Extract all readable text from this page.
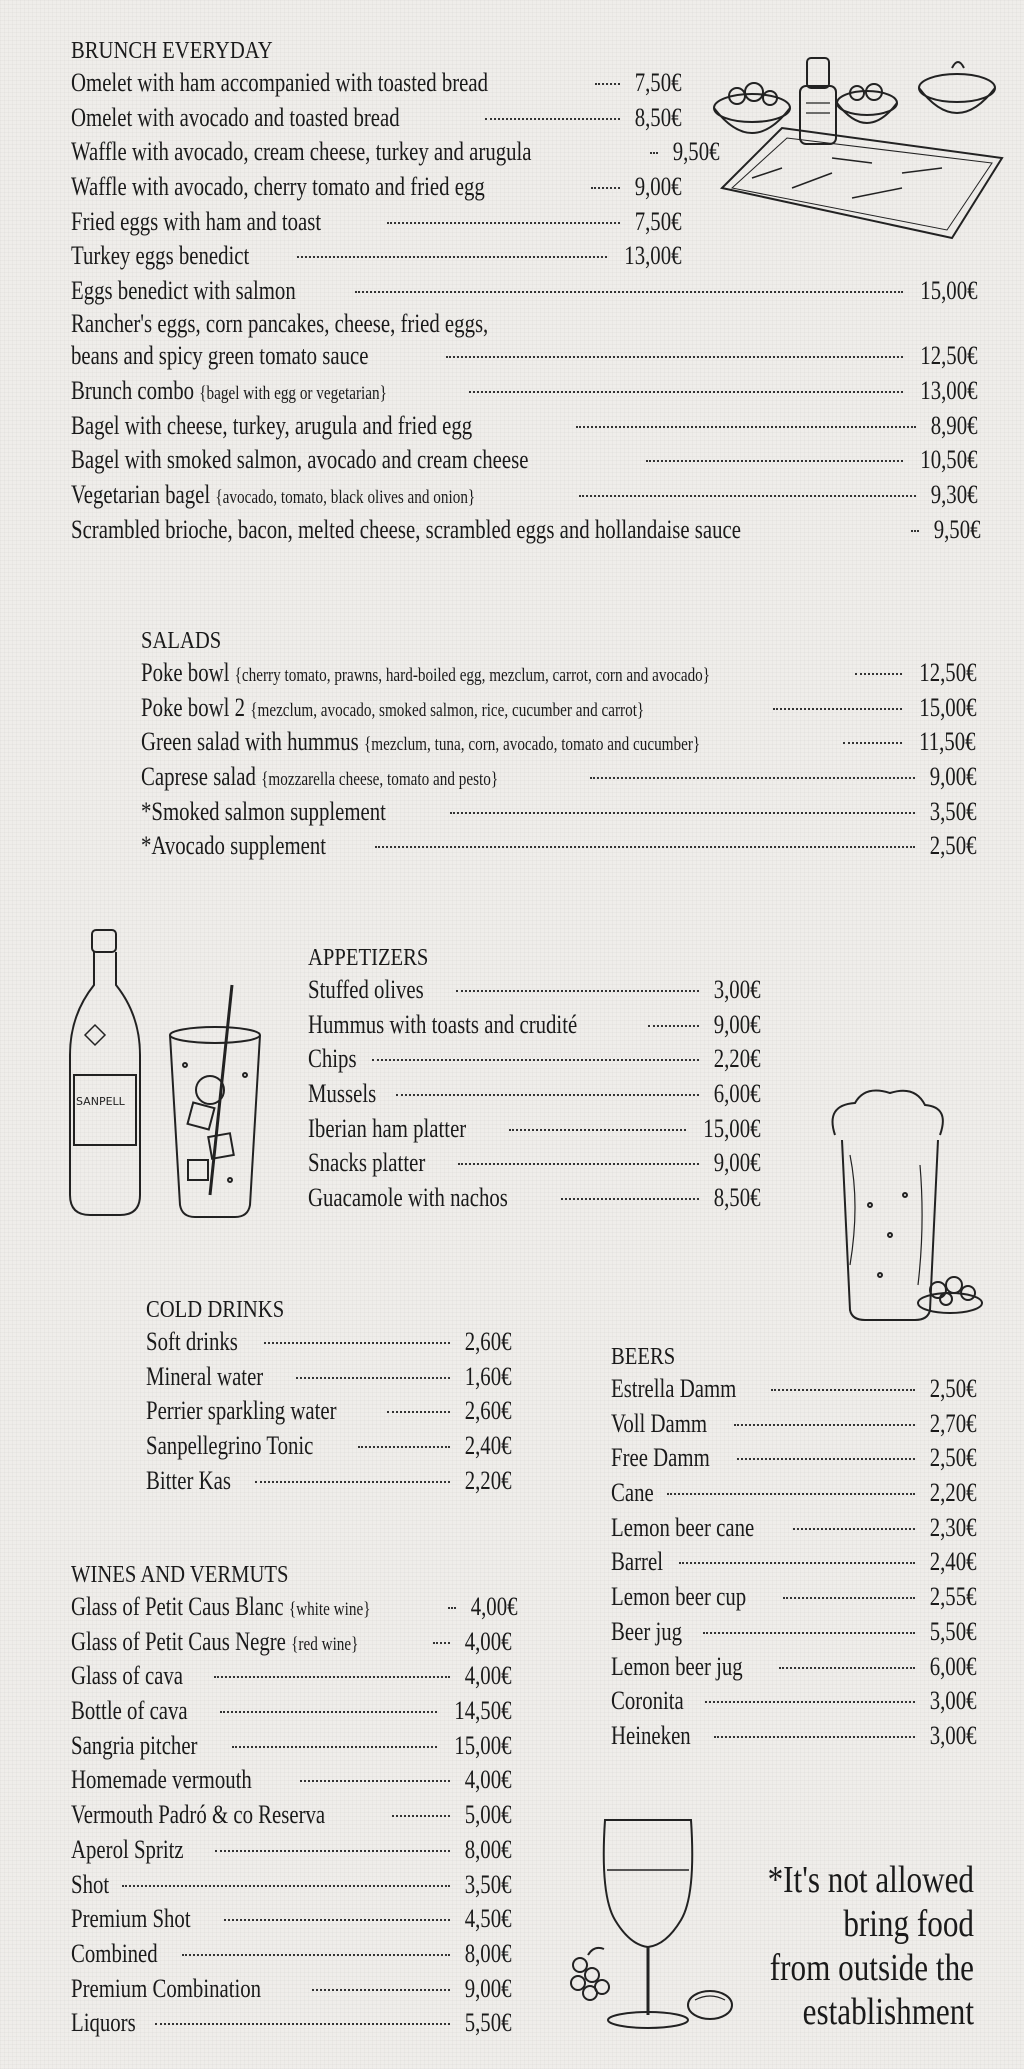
BRUNCH EVERYDAY
Omelet with ham accompanied with toasted bread	7,50€
Omelet with avocado and toasted bread	8,50€
Waffle with avocado, cream cheese, turkey and arugula	9,50€
Waffle with avocado, cherry tomato and fried egg	9,00€
Fried eggs with ham and toast	7,50€
Turkey eggs benedict	13,00€
Eggs benedict with salmon	15,00€
Rancher's eggs, corn pancakes, cheese, fried eggs,
beans and spicy green tomato sauce	12,50€
Brunch combo {bagel with egg or vegetarian}	13,00€
Bagel with cheese, turkey, arugula and fried egg	8,90€
Bagel with smoked salmon, avocado and cream cheese	10,50€
Vegetarian bagel {avocado, tomato, black olives and onion}	9,30€
Scrambled brioche, bacon, melted cheese, scrambled eggs and hollandaise sauce	9,50€
SALADS
Poke bowl {cherry tomato, prawns, hard-boiled egg, mezclum, carrot, corn and avocado}	12,50€
Poke bowl 2 {mezclum, avocado, smoked salmon, rice, cucumber and carrot}	15,00€
Green salad with hummus {mezclum, tuna, corn, avocado, tomato and cucumber}	11,50€
Caprese salad {mozzarella cheese, tomato and pesto}	9,00€
*Smoked salmon supplement	3,50€
*Avocado supplement	2,50€
SANPELL
APPETIZERS
Stuffed olives	3,00€
Hummus with toasts and crudité	9,00€
Chips	2,20€
Mussels	6,00€
Iberian ham platter	15,00€
Snacks platter	9,00€
Guacamole with nachos	8,50€
COLD DRINKS
Soft drinks	2,60€
Mineral water	1,60€
Perrier sparkling water	2,60€
Sanpellegrino Tonic	2,40€
Bitter Kas	2,20€
BEERS
Estrella Damm	2,50€
Voll Damm	2,70€
Free Damm	2,50€
Cane	2,20€
Lemon beer cane	2,30€
Barrel	2,40€
Lemon beer cup	2,55€
Beer jug	5,50€
Lemon beer jug	6,00€
Coronita	3,00€
Heineken	3,00€
WINES AND VERMUTS
Glass of Petit Caus Blanc {white wine}	4,00€
Glass of Petit Caus Negre {red wine}	4,00€
Glass of cava	4,00€
Bottle of cava	14,50€
Sangria pitcher	15,00€
Homemade vermouth	4,00€
Vermouth Padró & co Reserva	5,00€
Aperol Spritz	8,00€
Shot	3,50€
Premium Shot	4,50€
Combined	8,00€
Premium Combination	9,00€
Liquors	5,50€
*It's not allowed
bring food
from outside the
establishment
